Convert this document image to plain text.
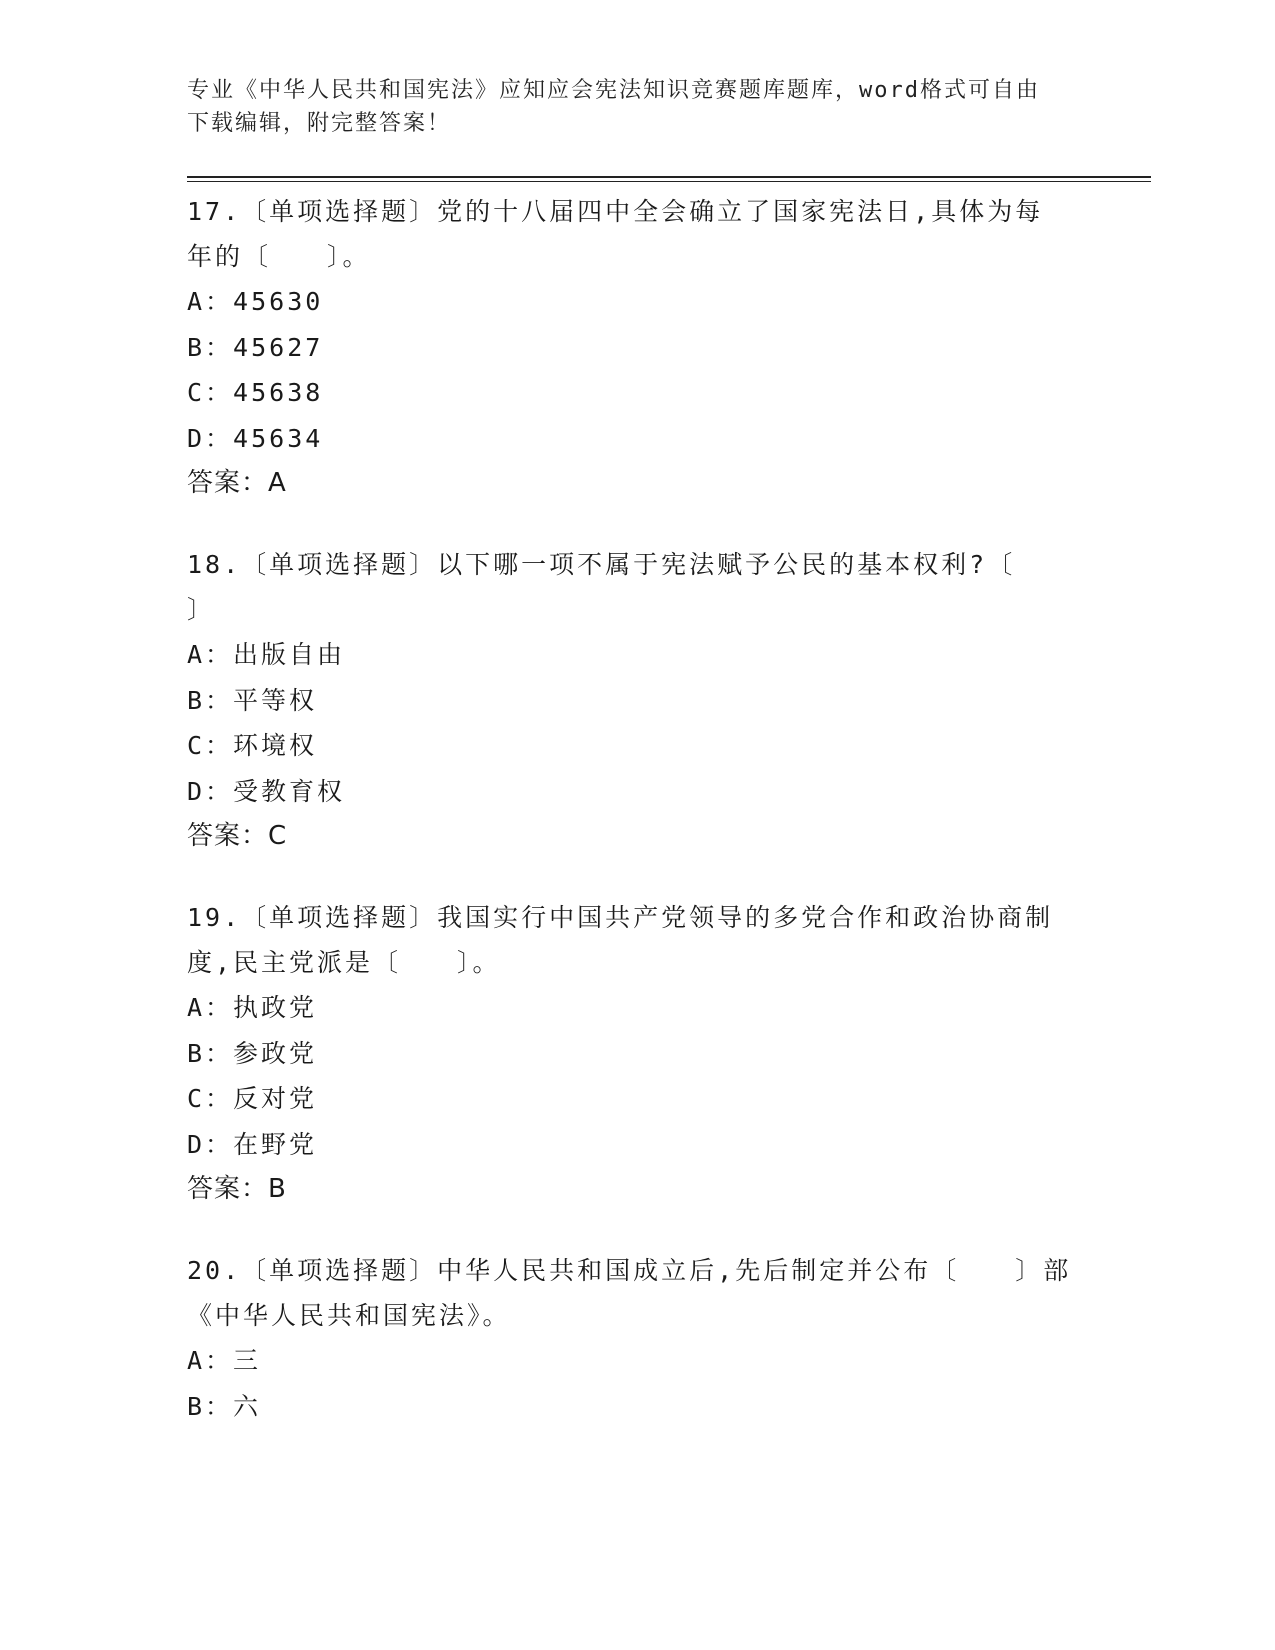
专业《中华人民共和国宪法》应知应会宪法知识竞赛题库题库，word格式可自由
下载编辑，附完整答案！
17.〔单项选择题〕党的十八届四中全会确立了国家宪法日,具体为每
年的〔　　〕。
A：45630
B：45627
C：45638
D：45634
答案：A
18.〔单项选择题〕以下哪一项不属于宪法赋予公民的基本权利?〔
〕
A：出版自由
B：平等权
C：环境权
D：受教育权
答案：C
19.〔单项选择题〕我国实行中国共产党领导的多党合作和政治协商制
度,民主党派是〔　　〕。
A：执政党
B：参政党
C：反对党
D：在野党
答案：B
20.〔单项选择题〕中华人民共和国成立后,先后制定并公布〔　　〕部
《中华人民共和国宪法》。
A：三
B：六
